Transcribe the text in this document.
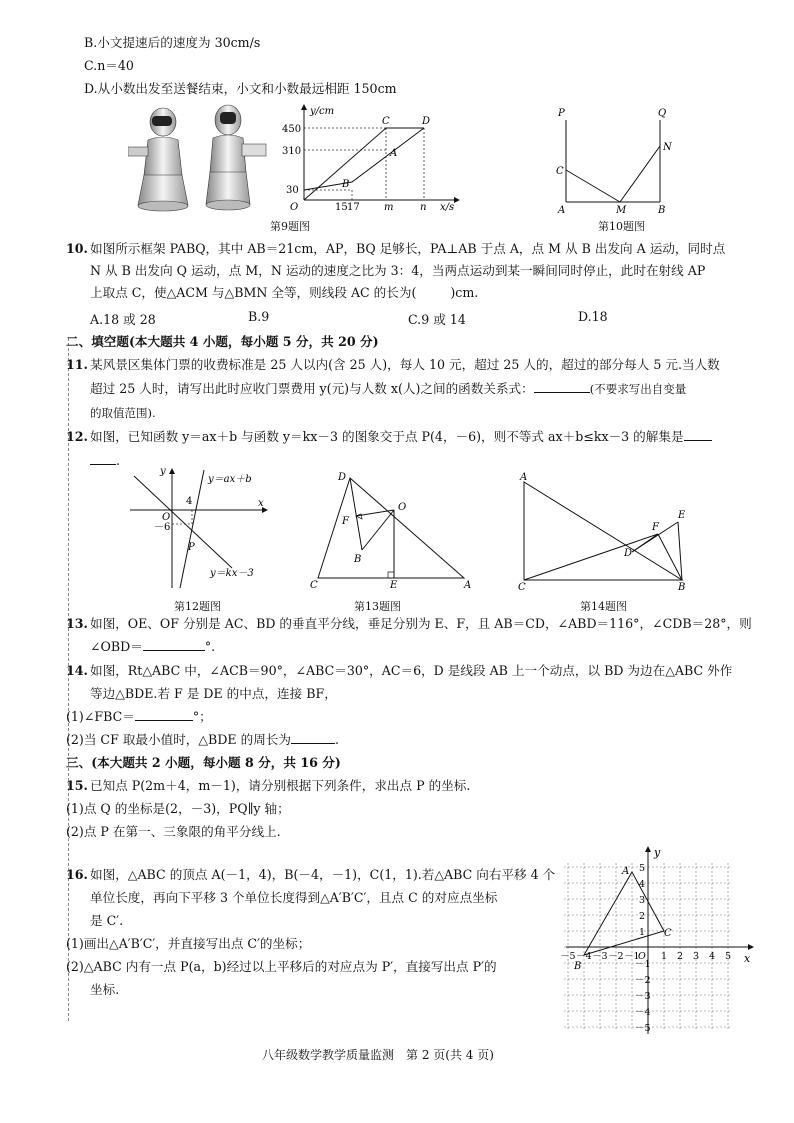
B.小文提速后的速度为 30cm/s
C.n＝40
D.从小数出发至送餐结束，小文和小数最远相距 150cm
y/cm
x/s
450
310
30
O	15 17 m	n
A
B
C	D
第9题图
P	Q
C
N
A	M	B
第10题图
10. 如图所示框架 PABQ，其中 AB＝21cm，AP，BQ 足够长，PA⊥AB 于点 A，点 M 从 B 出发向 A 运动，同时点
N 从 B 出发向 Q 运动，点 M，N 运动的速度之比为 3：4，当两点运动到某一瞬间同时停止，此时在射线 AP
上取点 C，使△ACM 与△BMN 全等，则线段 AC 的长为(	)cm.
A.18 或 28	B.9	C.9 或 14	D.18
二、填空题(本大题共 4 小题，每小题 5 分，共 20 分)
11. 某风景区集体门票的收费标准是 25 人以内(含 25 人)，每人 10 元，超过 25 人的，超过的部分每人 5 元.当人数
超过 25 人时，请写出此时应收门票费用 y(元)与人数 x(人)之间的函数关系式：	(不要求写出自变量
的取值范围).
12. 如图，已知函数 y＝ax＋b 与函数 y＝kx－3 的图象交于点 P(4，－6)，则不等式 ax＋b≤kx－3 的解集是
.
y
y＝ax＋b
4
O
x
－6
P
y＝kx－3
第12题图
D
O
F
B
C	E	A
第13题图
A
F
E
D
C	B
第14题图
13. 如图，OE、OF 分别是 AC、BD 的垂直平分线，垂足分别为 E、F，且 AB＝CD，∠ABD＝116°，∠CDB＝28°，则
∠OBD＝	°.
14. 如图，Rt△ABC 中，∠ACB＝90°，∠ABC＝30°，AC＝6，D 是线段 AB 上一个动点，以 BD 为边在△ABC 外作
等边△BDE.若 F 是 DE 的中点，连接 BF，
(1)∠FBC＝	°；
(2)当 CF 取最小值时，△BDE 的周长为	.
三、(本大题共 2 小题，每小题 8 分，共 16 分)
15. 已知点 P(2m＋4，m－1)，请分别根据下列条件，求出点 P 的坐标.
(1)点 Q 的坐标是(2，－3)，PQ∥y 轴；
(2)点 P 在第一、三象限的角平分线上.
16. 如图，△ABC 的顶点 A(－1，4)，B(－4，－1)，C(1，1).若△ABC 向右平移 4 个
单位长度，再向下平移 3 个单位长度得到△A′B′C′，且点 C 的对应点坐标
是 C′.
(1)画出△A′B′C′，并直接写出点 C′的坐标；
(2)△ABC 内有一点 P(a，b)经过以上平移后的对应点为 P′，直接写出点 P′的
坐标.
－5 －4 －3 －2 －1
O 1 2 3 4 5
5
4
3
2
1
－1
－2
－3
－4
－5
x
y
A
B
C
八年级数学教学质量监测　第 2 页(共 4 页)
